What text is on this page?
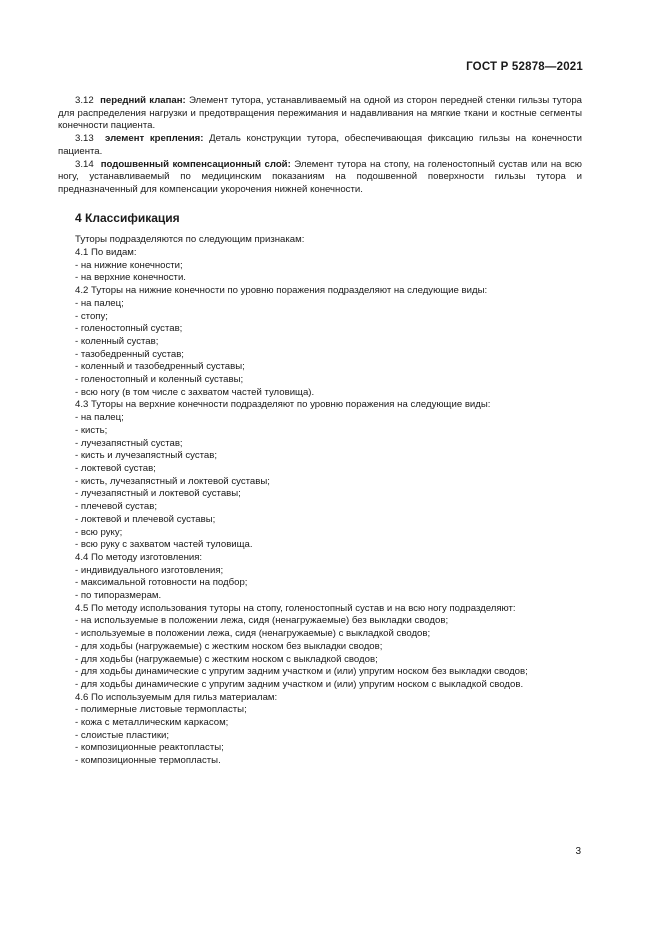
ГОСТ Р 52878—2021

3.12 передний клапан: Элемент тутора, устанавливаемый на одной из сторон передней стенки гильзы тутора для распределения нагрузки и предотвращения пережимания и надавливания на мягкие ткани и костные сегменты конечности пациента.

3.13 элемент крепления: Деталь конструкции тутора, обеспечивающая фиксацию гильзы на конечности пациента.

3.14 подошвенный компенсационный слой: Элемент тутора на стопу, на голеностопный сустав или на всю ногу, устанавливаемый по медицинским показаниям на подошвенной поверхности гильзы тутора и предназначенный для компенсации укорочения нижней конечности.

4 Классификация

Туторы подразделяются по следующим признакам:

4.1 По видам:

- на нижние конечности;

- на верхние конечности.

4.2 Туторы на нижние конечности по уровню поражения подразделяют на следующие виды:

- на палец;

- стопу;

- голеностопный сустав;

- коленный сустав;

- тазобедренный сустав;

- коленный и тазобедренный суставы;

- голеностопный и коленный суставы;

- всю ногу (в том числе с захватом частей туловища).

4.3 Туторы на верхние конечности подразделяют по уровню поражения на следующие виды:

- на палец;

- кисть;

- лучезапястный сустав;

- кисть и лучезапястный сустав;

- локтевой сустав;

- кисть, лучезапястный и локтевой суставы;

- лучезапястный и локтевой суставы;

- плечевой сустав;

- локтевой и плечевой суставы;

- всю руку;

- всю руку с захватом частей туловища.

4.4 По методу изготовления:

- индивидуального изготовления;

- максимальной готовности на подбор;

- по типоразмерам.

4.5 По методу использования туторы на стопу, голеностопный сустав и на всю ногу подразделяют:

- на используемые в положении лежа, сидя (ненагружаемые) без выкладки сводов;

- используемые в положении лежа, сидя (ненагружаемые) с выкладкой сводов;

- для ходьбы (нагружаемые) с жестким носком без выкладки сводов;

- для ходьбы (нагружаемые) с жестким носком с выкладкой сводов;

- для ходьбы динамические с упругим задним участком и (или) упругим носком без выкладки сводов;

- для ходьбы динамические с упругим задним участком и (или) упругим носком с выкладкой сводов.

4.6 По используемым для гильз материалам:

- полимерные листовые термопласты;

- кожа с металлическим каркасом;

- слоистые пластики;

- композиционные реактопласты;

- композиционные термопласты.

3
